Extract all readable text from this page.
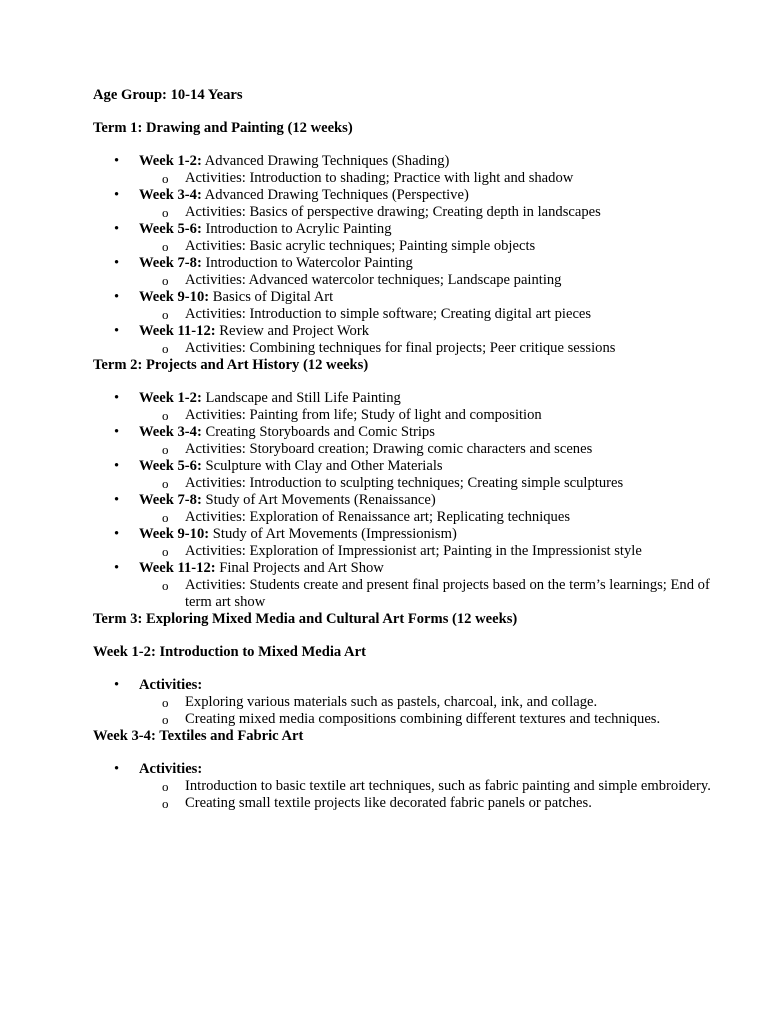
Age Group: 10-14 Years

Term 1: Drawing and Painting (12 weeks)

• Week 1-2: Advanced Drawing Techniques (Shading)
o Activities: Introduction to shading; Practice with light and shadow
• Week 3-4: Advanced Drawing Techniques (Perspective)
o Activities: Basics of perspective drawing; Creating depth in landscapes
• Week 5-6: Introduction to Acrylic Painting
o Activities: Basic acrylic techniques; Painting simple objects
• Week 7-8: Introduction to Watercolor Painting
o Activities: Advanced watercolor techniques; Landscape painting
• Week 9-10: Basics of Digital Art
o Activities: Introduction to simple software; Creating digital art pieces
• Week 11-12: Review and Project Work
o Activities: Combining techniques for final projects; Peer critique sessions

Term 2: Projects and Art History (12 weeks)

• Week 1-2: Landscape and Still Life Painting
o Activities: Painting from life; Study of light and composition
• Week 3-4: Creating Storyboards and Comic Strips
o Activities: Storyboard creation; Drawing comic characters and scenes
• Week 5-6: Sculpture with Clay and Other Materials
o Activities: Introduction to sculpting techniques; Creating simple sculptures
• Week 7-8: Study of Art Movements (Renaissance)
o Activities: Exploration of Renaissance art; Replicating techniques
• Week 9-10: Study of Art Movements (Impressionism)
o Activities: Exploration of Impressionist art; Painting in the Impressionist style
• Week 11-12: Final Projects and Art Show
o Activities: Students create and present final projects based on the term’s learnings; End of term art show

Term 3: Exploring Mixed Media and Cultural Art Forms (12 weeks)

Week 1-2: Introduction to Mixed Media Art

• Activities:
o Exploring various materials such as pastels, charcoal, ink, and collage.
o Creating mixed media compositions combining different textures and techniques.

Week 3-4: Textiles and Fabric Art

• Activities:
o Introduction to basic textile art techniques, such as fabric painting and simple embroidery.
o Creating small textile projects like decorated fabric panels or patches.
